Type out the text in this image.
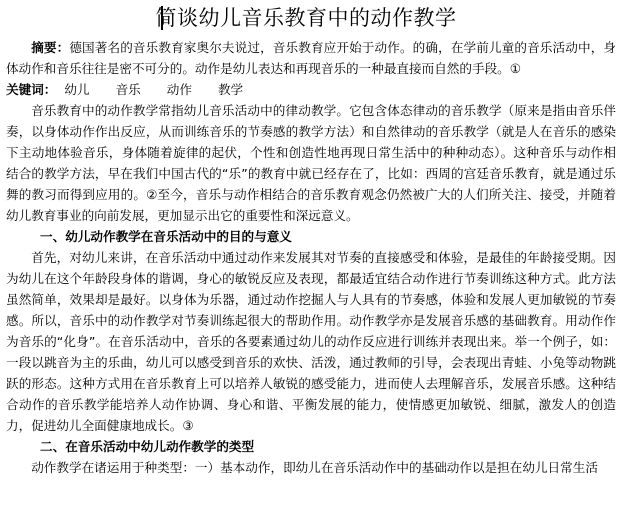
简谈幼儿音乐教育中的动作教学

摘要：德国著名的音乐教育家奥尔夫说过，音乐教育应开始于动作。的确，在学前儿童的音乐活动中，身体动作和音乐往往是密不可分的。动作是幼儿表达和再现音乐的一种最直接而自然的手段。①

关键词： 幼儿 音乐 动作 教学

音乐教育中的动作教学常指幼儿音乐活动中的律动教学。它包含体态律动的音乐教学（原来是指由音乐伴奏，以身体动作作出反应，从而训练音乐的节奏感的教学方法）和自然律动的音乐教学（就是人在音乐的感染下主动地体验音乐，身体随着旋律的起伏，个性和创造性地再现日常生活中的种种动态）。这种音乐与动作相结合的教学方法，早在我们中国古代的“乐”的教育中就已经存在了，比如：西周的宫廷音乐教育，就是通过乐舞的教习而得到应用的。②至今，音乐与动作相结合的音乐教育观念仍然被广大的人们所关注、接受，并随着幼儿教育事业的向前发展，更加显示出它的重要性和深远意义。

一、幼儿动作教学在音乐活动中的目的与意义

首先，对幼儿来讲，在音乐活动中通过动作来发展其对节奏的直接感受和体验，是最佳的年龄接受期。因为幼儿在这个年龄段身体的谐调，身心的敏锐反应及表现，都最适宜结合动作进行节奏训练这种方式。此方法虽然简单，效果却是最好。以身体为乐器，通过动作挖掘人与人具有的节奏感，体验和发展人更加敏锐的节奏感。所以，音乐中的动作教学对节奏训练起很大的帮助作用。动作教学亦是发展音乐感的基础教育。用动作作为音乐的“化身”。在音乐活动中，音乐的各要素通过幼儿的动作反应进行训练并表现出来。举一个例子，如：一段以跳音为主的乐曲，幼儿可以感受到音乐的欢快、活泼，通过教师的引导，会表现出青蛙、小兔等动物跳跃的形态。这种方式用在音乐教育上可以培养人敏锐的感受能力，进而使人去理解音乐，发展音乐感。这种结合动作的音乐教学能培养人动作协调、身心和谐、平衡发展的能力，使情感更加敏锐、细腻，激发人的创造力，促进幼儿全面健康地成长。③

二、在音乐活动中幼儿动作教学的类型

动作教学在诸运用于种类型：一）基本动作，即幼儿在音乐活动作中的基础动作以是担在幼儿日常生活
